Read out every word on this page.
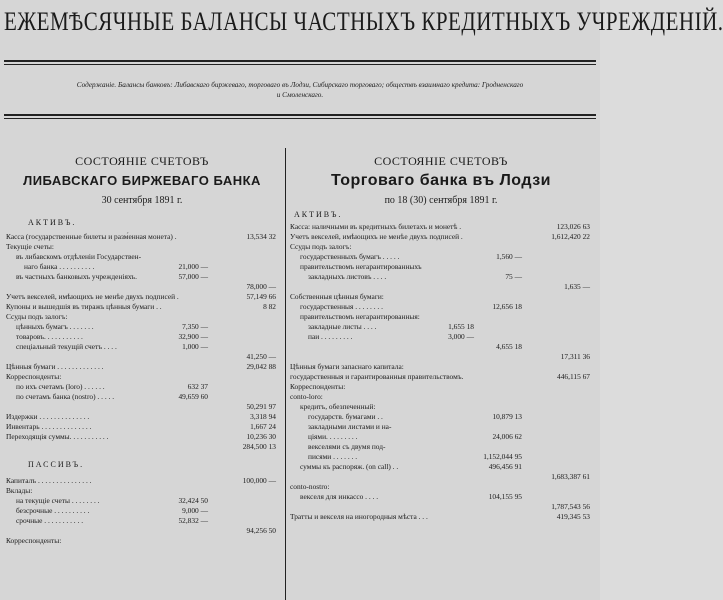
ЕЖЕМѢСЯЧНЫЕ БАЛАНСЫ ЧАСТНЫХЪ КРЕДИТНЫХЪ УЧРЕЖДЕНІЙ.
Содержаніе. Балансы банковъ: Либавскаго биржеваго, торговаго въ Лодзи, Сибирскаго торговаго; обществъ взаимнаго кредита: Гродненскаго
и Смоленскаго.
СОСТОЯНІЕ СЧЕТОВЪ
ЛИБАВСКАГО БИРЖЕВАГО БАНКА
30 сентября 1891 г.
АКТИВЪ.
Касса (государственные билеты и разм́енная монета) .	13,534 32
Текущіе счеты:
въ либавскомъ отдѣленіи Государствен-
наго банка . . . . . . . . . .	21,000 —
въ частныхъ банковыхъ учрежденіяхъ.	57,000 —
78,000 —
Учетъ векселей, имѣющихъ не менѣе двухъ подписей .	57,149 66
Купоны и вышедшія въ тиражъ цѣнныя бумаги . .	8 82
Ссуды подъ залогъ:
цѣнныхъ бумагъ . . . . . . .	7,350 —
товаровъ. . . . . . . . . . .	32,900 —
спеціальный текущій счетъ . . . .	1,000 —
41,250 —
Цѣнныя бумаги . . . . . . . . . . . . .	29,042 88
Корреспонденты:
по ихъ счетамъ (loro) . . . . . .	632 37
по счетамъ банка (nostro) . . . . .	49,659 60
50,291 97
Издержки . . . . . . . . . . . . . .	3,318 94
Инвентарь . . . . . . . . . . . . . .	1,667 24
Переходящія суммы. . . . . . . . . . .	10,236 30
284,500 13
ПАССИВЪ.
Капиталъ . . . . . . . . . . . . . . .	100,000 —
Вклады:
на текущіе счеты . . . . . . . .	32,424 50
безсрочные . . . . . . . . . .	9,000 —
срочные . . . . . . . . . . .	52,832 —
94,256 50
Корреспонденты:
СОСТОЯНІЕ СЧЕТОВЪ
Торговаго банка въ Лодзи
по 18 (30) сентября 1891 г.
АКТИВЪ.
Касса: наличными въ кредитныхъ билетахъ и монетѣ .	123,026 63
Учетъ векселей, имѣющихъ не менѣе двухъ подписей .	1,612,420 22
Ссуды подъ залогъ:
государственныхъ бумагъ . . . . .	1,560 —
правительствомъ негарантированныхъ
закладныхъ листовъ . . . .	75 —
1,635 —
Собственныя цѣнныя бумаги:
государственныя . . . . . . . .	12,656 18
правительствомъ негарантированныя:
закладные листы . . . .	1,655 18
паи . . . . . . . . .	3,000 —
4,655 18
17,311 36
Цѣнныя бумаги запаснаго капитала:
государственныя и гарантированныя правительствомъ.	446,115 67
Корреспонденты:
conto-loro:
кредитъ, обезпеченный:
государств. бумагами . .	10,879 13
закладными листами и на-
цiями. . . . . . . . .	24,006 62
векселями съ двумя под-
писями . . . . . . .	1,152,044 95
суммы къ распоряж. (on call) . .	496,456 91
1,683,387 61
conto-nostro:
векселя для инкассо . . . .	104,155 95
1,787,543 56
Тратты и векселя на иногородныя мѣста . . .	419,345 53
